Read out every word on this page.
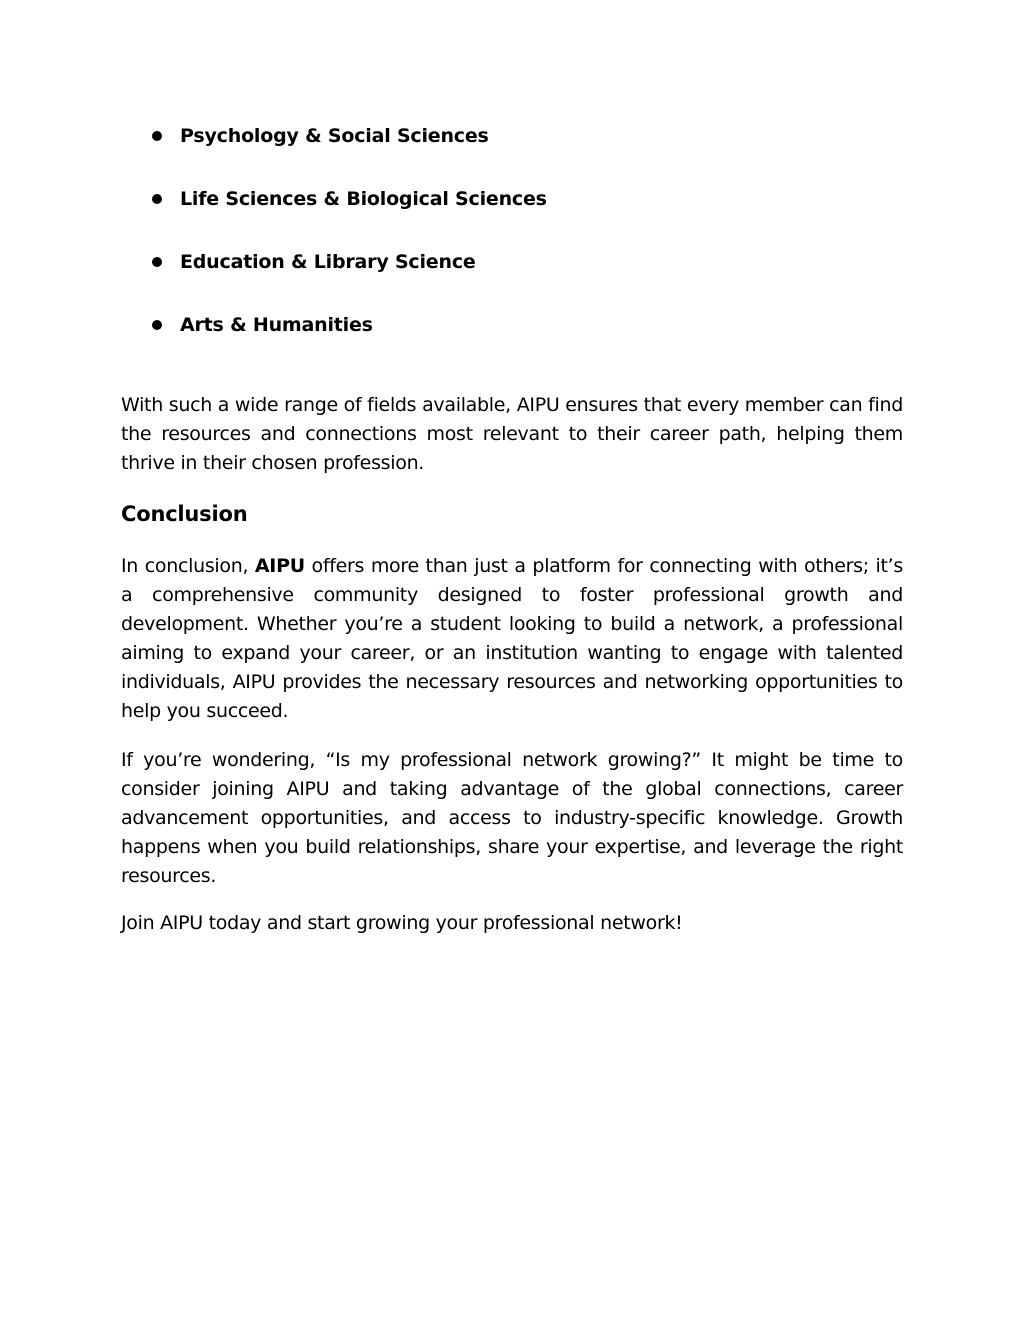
Psychology & Social Sciences
Life Sciences & Biological Sciences
Education & Library Science
Arts & Humanities

With such a wide range of fields available, AIPU ensures that every member can find the resources and connections most relevant to their career path, helping them thrive in their chosen profession.

Conclusion

In conclusion, AIPU offers more than just a platform for connecting with others; it’s a comprehensive community designed to foster professional growth and development. Whether you’re a student looking to build a network, a professional aiming to expand your career, or an institution wanting to engage with talented individuals, AIPU provides the necessary resources and networking opportunities to help you succeed.

If you’re wondering, “Is my professional network growing?” It might be time to consider joining AIPU and taking advantage of the global connections, career advancement opportunities, and access to industry-specific knowledge. Growth happens when you build relationships, share your expertise, and leverage the right resources.

Join AIPU today and start growing your professional network!
